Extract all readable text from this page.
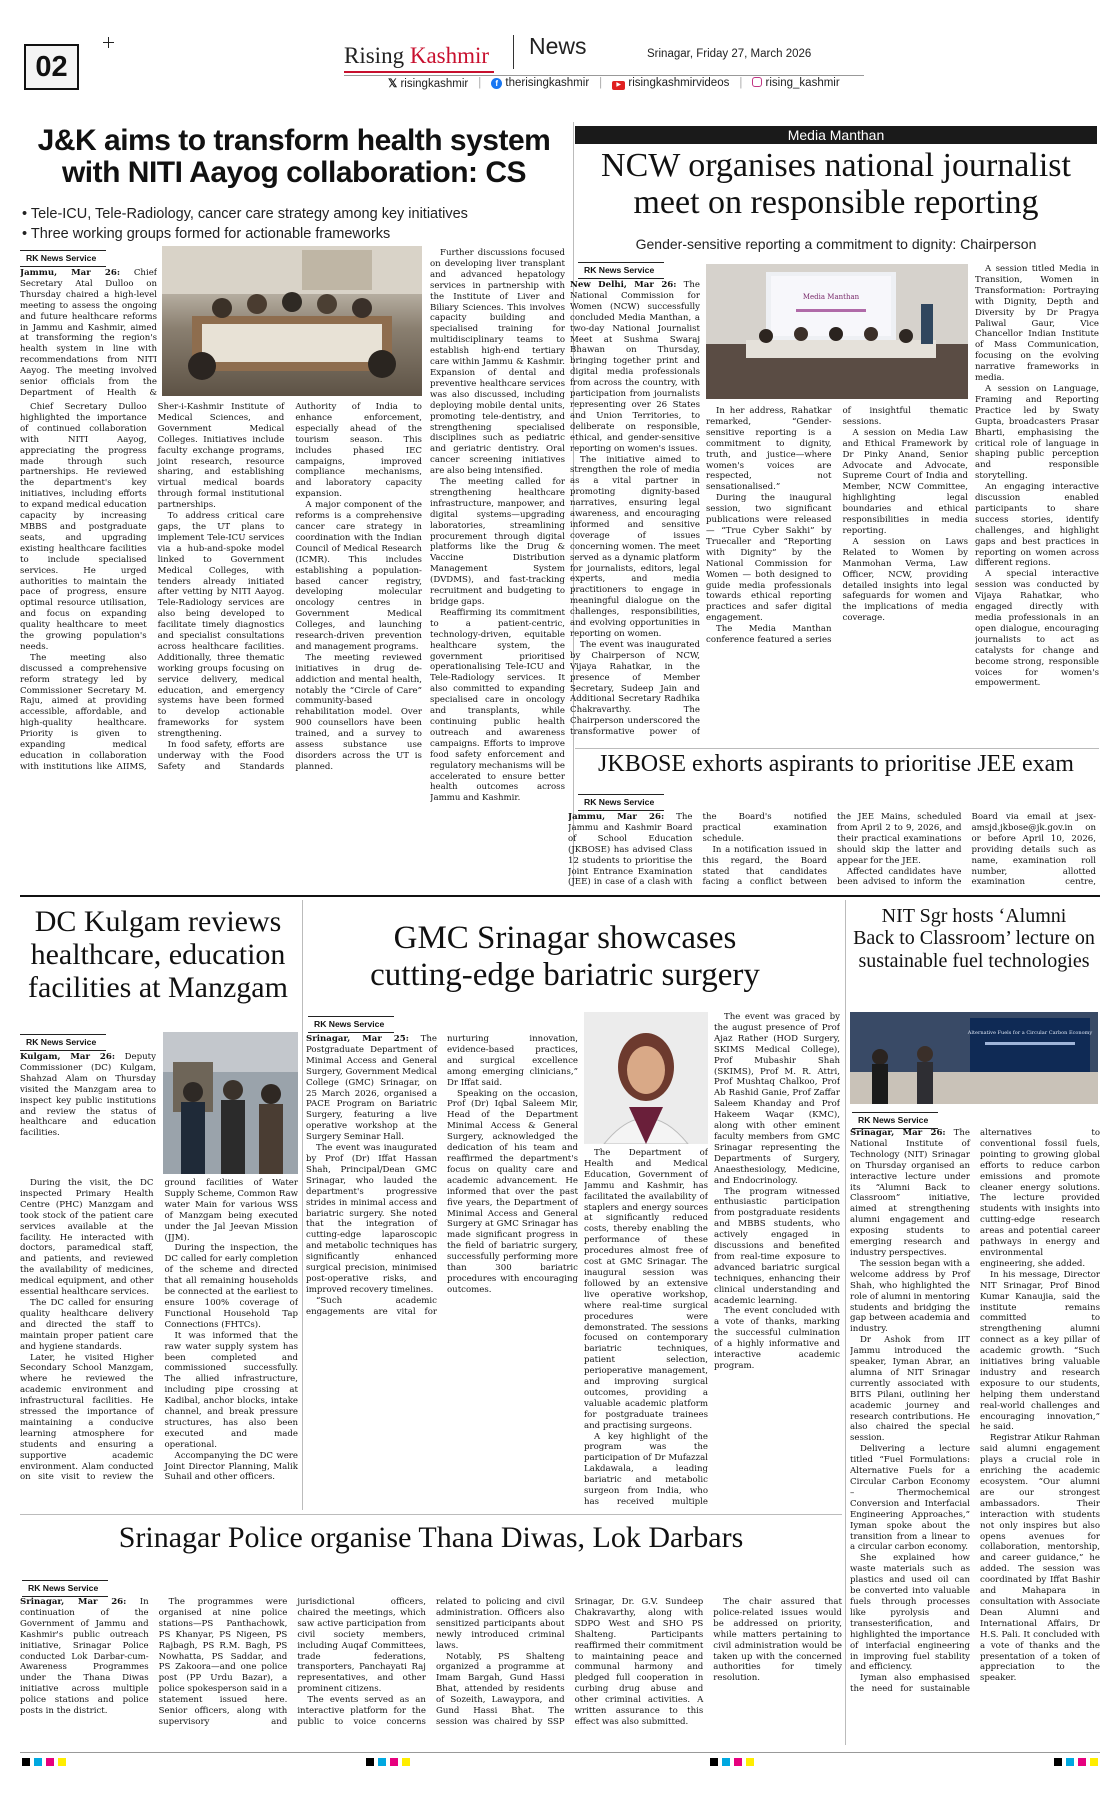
02	Rising Kashmir News	Srinagar, Friday 27, March 2026
𝕏 risingkashmir |	f therisingkashmir |	▶ risingkashmirvideos |	rising_kashmir
J&K aims to transform health system
with NITI Aayog collaboration: CS
• Tele-ICU, Tele-Radiology, cancer care strategy among key initiatives
• Three working groups formed for actionable frameworks
RK News Service

Jammu, Mar 26: Chief Secretary Atal Dulloo on Thursday chaired a high-level meeting to assess the ongoing and future healthcare reforms in Jammu and Kashmir, aimed at transforming the region's health system in line with recommendations from NITI Aayog. The meeting involved senior officials from the Department of Health &

Chief Secretary Dulloo highlighted the importance of continued collaboration with NITI Aayog, appreciating the progress made through such partnerships. He reviewed the department's key initiatives, including efforts to expand medical education capacity by increasing MBBS and postgraduate seats, and upgrading existing healthcare facilities to include specialised services. He urged authorities to maintain the pace of progress, ensure optimal resource utilisation, and focus on expanding quality healthcare to meet the growing population's needs.

The meeting also discussed a comprehensive reform strategy led by Commissioner Secretary M. Raju, aimed at providing accessible, affordable, and high-quality healthcare. Priority is given to expanding medical education in collaboration with institutions like AIIMS, Sher-i-Kashmir Institute of Medical Sciences, and Government Medical Colleges. Initiatives include faculty exchange programs, joint research, resource sharing, and establishing virtual medical boards through formal institutional partnerships.

To address critical care gaps, the UT plans to implement Tele-ICU services via a hub-and-spoke model linked to Government Medical Colleges, with tenders already initiated after vetting by NITI Aayog. Tele-Radiology services are also being developed to facilitate timely diagnostics and specialist consultations across healthcare facilities. Additionally, three thematic working groups focusing on service delivery, medical education, and emergency systems have been formed to develop actionable frameworks for system strengthening.

In food safety, efforts are underway with the Food Safety and Standards Authority of India to enhance enforcement, especially ahead of the tourism season. This includes phased IEC campaigns, improved compliance mechanisms, and laboratory capacity expansion.

A major component of the reforms is a comprehensive cancer care strategy in coordination with the Indian Council of Medical Research (ICMR). This includes establishing a population-based cancer registry, developing molecular oncology centres in Government Medical Colleges, and launching research-driven prevention and management programs.

The meeting reviewed initiatives in drug de-addiction and mental health, notably the “Circle of Care” community-based rehabilitation model. Over 900 counsellors have been trained, and a survey to assess substance use disorders across the UT is planned.

Further discussions focused on developing liver transplant and advanced hepatology services in partnership with the Institute of Liver and Biliary Sciences. This involves capacity building and specialised training for multidisciplinary teams to establish high-end tertiary care within Jammu & Kashmir. Expansion of dental and preventive healthcare services was also discussed, including deploying mobile dental units, promoting tele-dentistry, and strengthening specialised disciplines such as pediatric and geriatric dentistry. Oral cancer screening initiatives are also being intensified.

The meeting called for strengthening healthcare infrastructure, manpower, and digital systems—upgrading laboratories, streamlining procurement through digital platforms like the Drug & Vaccine Distribution Management System (DVDMS), and fast-tracking recruitment and budgeting to bridge gaps.

Reaffirming its commitment to a patient-centric, technology-driven, equitable healthcare system, the government prioritised operationalising Tele-ICU and Tele-Radiology services. It also committed to expanding specialised care in oncology and transplants, while continuing public health outreach and awareness campaigns. Efforts to improve food safety enforcement and regulatory mechanisms will be accelerated to ensure better health outcomes across Jammu and Kashmir.

Media Manthan
NCW organises national journalist
meet on responsible reporting
Gender-sensitive reporting a commitment to dignity: Chairperson
RK News Service

New Delhi, Mar 26: The National Commission for Women (NCW) successfully concluded Media Manthan, a two-day National Journalist Meet at Sushma Swaraj Bhawan on Thursday, bringing together print and digital media professionals from across the country, with participation from journalists representing over 26 States and Union Territories, to deliberate on responsible, ethical, and gender-sensitive reporting on women's issues.

The initiative aimed to strengthen the role of media as a vital partner in promoting dignity-based narratives, ensuring legal awareness, and encouraging informed and sensitive coverage of issues concerning women. The meet served as a dynamic platform for journalists, editors, legal experts, and media practitioners to engage in meaningful dialogue on the challenges, responsibilities, and evolving opportunities in reporting on women.

The event was inaugurated by Chairperson of NCW, Vijaya Rahatkar, in the presence of Member Secretary, Sudeep Jain and Additional Secretary Radhika Chakravarthy. The Chairperson underscored the transformative power of

Media Manthan

In her address, Rahatkar remarked, “Gender-sensitive reporting is a commitment to dignity, truth, and justice—where women's voices are respected, not sensationalised.”

During the inaugural session, two significant publications were released — “True Cyber Sakhi” by Truecaller and “Reporting with Dignity” by the National Commission for Women — both designed to guide media professionals towards ethical reporting practices and safer digital engagement.

The Media Manthan conference featured a series of insightful thematic sessions.

A session on Media Law and Ethical Framework by Dr Pinky Anand, Senior Advocate and Advocate, Supreme Court of India and Member, NCW Committee, highlighting legal boundaries and ethical responsibilities in media reporting.

A session on Laws Related to Women by Manmohan Verma, Law Officer, NCW, providing detailed insights into legal safeguards for women and the implications of media coverage.

A session titled Media in Transition, Women in Transformation: Portraying with Dignity, Depth and Diversity by Dr Pragya Paliwal Gaur, Vice Chancellor Indian Institute of Mass Communication, focusing on the evolving narrative frameworks in media.

A session on Language, Framing and Reporting Practice led by Swaty Gupta, broadcasters Prasar Bharti, emphasising the critical role of language in shaping public perception and responsible storytelling.

An engaging interactive discussion enabled participants to share success stories, identify challenges, and highlight gaps and best practices in reporting on women across different regions.

A special interactive session was conducted by Vijaya Rahatkar, who engaged directly with media professionals in an open dialogue, encouraging journalists to act as catalysts for change and become strong, responsible voices for women's empowerment.

JKBOSE exhorts aspirants to prioritise JEE exam
RK News Service

Jammu, Mar 26: The Jammu and Kashmir Board of School Education (JKBOSE) has advised Class 12 students to prioritise the Joint Entrance Examination (JEE) in case of a clash with the Board's notified practical examination schedule.

In a notification issued in this regard, the Board stated that candidates facing a conflict between the JEE Mains, scheduled from April 2 to 9, 2026, and their practical examinations should skip the latter and appear for the JEE.

Affected candidates have been advised to inform the Board via email at jsex-amsjd.jkbose@jk.gov.in on or before April 10, 2026, providing details such as name, examination roll number, allotted examination centre,

DC Kulgam reviews
healthcare, education
facilities at Manzgam
RK News Service

Kulgam, Mar 26: Deputy Commissioner (DC) Kulgam, Shahzad Alam on Thursday visited the Manzgam area to inspect key public institutions and review the status of healthcare and education facilities.

During the visit, the DC inspected Primary Health Centre (PHC) Manzgam and took stock of the patient care services available at the facility. He interacted with doctors, paramedical staff, and patients, and reviewed the availability of medicines, medical equipment, and other essential healthcare services.

The DC called for ensuring quality healthcare delivery and directed the staff to maintain proper patient care and hygiene standards.

Later, he visited Higher Secondary School Manzgam, where he reviewed the academic environment and infrastructural facilities. He stressed the importance of maintaining a conducive learning atmosphere for students and ensuring a supportive academic environment. Alam conducted on site visit to review the ground facilities of Water Supply Scheme, Common Raw water Main for various WSS of Manzgam being executed under the Jal Jeevan Mission (JJM).

During the inspection, the DC called for early completion of the scheme and directed that all remaining households be connected at the earliest to ensure 100% coverage of Functional Household Tap Connections (FHTCs).

It was informed that the raw water supply system has been completed and commissioned successfully. The allied infrastructure, including pipe crossing at Kadibal, anchor blocks, intake channel, and break pressure structures, has also been executed and made operational.

Accompanying the DC were Joint Director Planning, Malik Suhail and other officers.

GMC Srinagar showcases
cutting-edge bariatric surgery
RK News Service

Srinagar, Mar 25: The Postgraduate Department of Minimal Access and General Surgery, Government Medical College (GMC) Srinagar, on 25 March 2026, organised a PACE Program on Bariatric Surgery, featuring a live operative workshop at the Surgery Seminar Hall.

The event was inaugurated by Prof (Dr) Iffat Hassan Shah, Principal/Dean GMC Srinagar, who lauded the department's progressive strides in minimal access and bariatric surgery. She noted that the integration of cutting-edge laparoscopic and metabolic techniques has significantly enhanced surgical precision, minimised post-operative risks, and improved recovery timelines.

“Such academic engagements are vital for nurturing innovation, evidence-based practices, and surgical excellence among emerging clinicians,” Dr Iffat said.

Speaking on the occasion, Prof (Dr) Iqbal Saleem Mir, Head of the Department Minimal Access & General Surgery, acknowledged the dedication of his team and reaffirmed the department's focus on quality care and academic advancement. He informed that over the past five years, the Department of Minimal Access and General Surgery at GMC Srinagar has made significant progress in the field of bariatric surgery, successfully performing more than 300 bariatric procedures with encouraging outcomes.

The Department of Health and Medical Education, Government of Jammu and Kashmir, has facilitated the availability of staplers and energy sources at significantly reduced costs, thereby enabling the performance of these procedures almost free of cost at GMC Srinagar. The inaugural session was followed by an extensive live operative workshop, where real-time surgical procedures were demonstrated. The sessions focused on contemporary bariatric techniques, patient selection, perioperative management, and improving surgical outcomes, providing a valuable academic platform for postgraduate trainees and practising surgeons.

A key highlight of the program was the participation of Dr Mufazzal Lakdawala, a leading bariatric and metabolic surgeon from India, who has received multiple

The event was graced by the august presence of Prof Ajaz Rather (HOD Surgery, SKIMS Medical College), Prof Mubashir Shah (SKIMS), Prof M. R. Attri, Prof Mushtaq Chalkoo, Prof Ab Rashid Ganie, Prof Zaffar Saleem Khanday and Prof Hakeem Waqar (KMC), along with other eminent faculty members from GMC Srinagar representing the Departments of Surgery, Anaesthesiology, Medicine, and Endocrinology.

The program witnessed enthusiastic participation from postgraduate residents and MBBS students, who actively engaged in discussions and benefited from real-time exposure to advanced bariatric surgical techniques, enhancing their clinical understanding and academic learning.

The event concluded with a vote of thanks, marking the successful culmination of a highly informative and interactive academic program.

NIT Sgr hosts ‘Alumni
Back to Classroom’ lecture on
sustainable fuel technologies
Alternative Fuels for a Circular Carbon Economy
RK News Service

Srinagar, Mar 26: The National Institute of Technology (NIT) Srinagar on Thursday organised an interactive lecture under its “Alumni Back to Classroom” initiative, aimed at strengthening alumni engagement and exposing students to emerging research and industry perspectives.

The session began with a welcome address by Prof Shah, who highlighted the role of alumni in mentoring students and bridging the gap between academia and industry.

Dr Ashok from IIT Jammu introduced the speaker, Iyman Abrar, an alumna of NIT Srinagar currently associated with BITS Pilani, outlining her academic journey and research contributions. He also chaired the special session.

Delivering a lecture titled “Fuel Formulations: Alternative Fuels for a Circular Carbon Economy – Thermochemical Conversion and Interfacial Engineering Approaches,” Iyman spoke about the transition from a linear to a circular carbon economy.

She explained how waste materials such as plastics and used oil can be converted into valuable fuels through processes like pyrolysis and transesterification, and highlighted the importance of interfacial engineering in improving fuel stability and efficiency.

Iyman also emphasised the need for sustainable alternatives to conventional fossil fuels, pointing to growing global efforts to reduce carbon emissions and promote cleaner energy solutions. The lecture provided students with insights into cutting-edge research areas and potential career pathways in energy and environmental engineering, she added.

In his message, Director NIT Srinagar, Prof Binod Kumar Kanaujia, said the institute remains committed to strengthening alumni connect as a key pillar of academic growth. “Such initiatives bring valuable industry and research exposure to our students, helping them understand real-world challenges and encouraging innovation,” he said.

Registrar Atikur Rahman said alumni engagement plays a crucial role in enriching the academic ecosystem. “Our alumni are our strongest ambassadors. Their interaction with students not only inspires but also opens avenues for collaboration, mentorship, and career guidance,” he added. The session was coordinated by Iffat Bashir and Mahapara in consultation with Associate Dean Alumni and International Affairs, Dr H.S. Pali. It concluded with a vote of thanks and the presentation of a token of appreciation to the speaker.

Srinagar Police organise Thana Diwas, Lok Darbars
RK News Service

Srinagar, Mar 26: In continuation of the Government of Jammu and Kashmir's public outreach initiative, Srinagar Police conducted Lok Darbar-cum-Awareness Programmes under the Thana Diwas initiative across multiple police stations and police posts in the district.

The programmes were organised at nine police stations—PS Panthachowk, PS Khanyar, PS Nigeen, PS Rajbagh, PS R.M. Bagh, PS Nowhatta, PS Saddar, and PS Zakoora—and one police post (PP Urdu Bazar), a police spokesperson said in a statement issued here. Senior officers, along with supervisory and jurisdictional officers, chaired the meetings, which saw active participation from civil society members, including Auqaf Committees, trade federations, transporters, Panchayati Raj representatives, and other prominent citizens.

The events served as an interactive platform for the public to voice concerns related to policing and civil administration. Officers also sensitized participants about newly introduced criminal laws.

Notably, PS Shalteng organized a programme at Imam Bargah, Gund Hassi Bhat, attended by residents of Sozeith, Lawaypora, and Gund Hassi Bhat. The session was chaired by SSP Srinagar, Dr. G.V. Sundeep Chakravarthy, along with SDPO West and SHO PS Shalteng. Participants reaffirmed their commitment to maintaining peace and communal harmony and pledged full cooperation in curbing drug abuse and other criminal activities. A written assurance to this effect was also submitted.

The chair assured that police-related issues would be addressed on priority, while matters pertaining to civil administration would be taken up with the concerned authorities for timely resolution.
